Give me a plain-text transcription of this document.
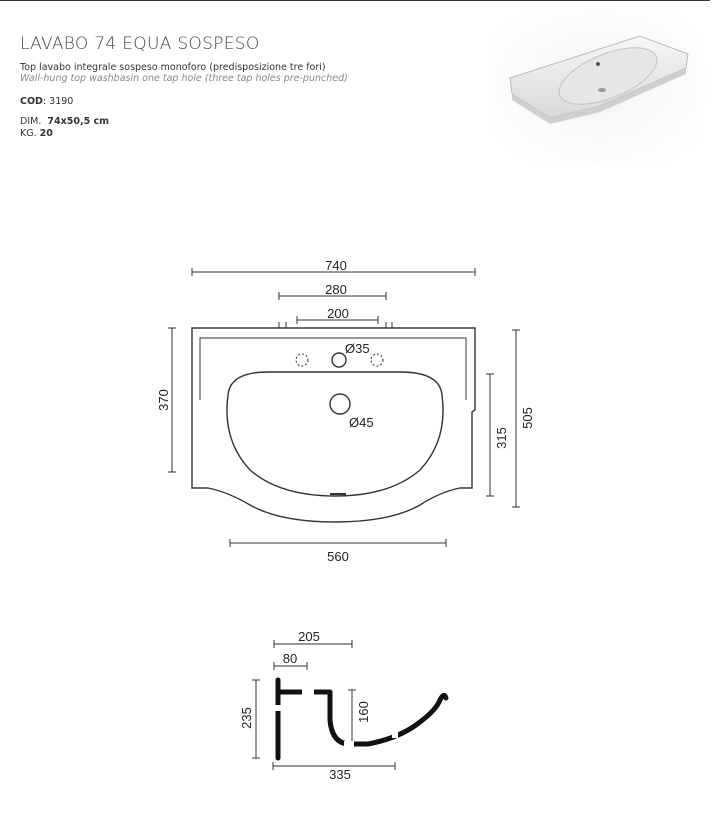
LAVABO 74 EQUA SOSPESO
Top lavabo integrale sospeso monoforo (predisposizione tre fori)
Wall-hung top washbasin one tap hole (three tap holes pre-punched)
COD: 3190
DIM. 74x50,5 cm
KG. 20
740
280
200
Ø35
Ø45
370
505
315
560
205
80
235	160
335
